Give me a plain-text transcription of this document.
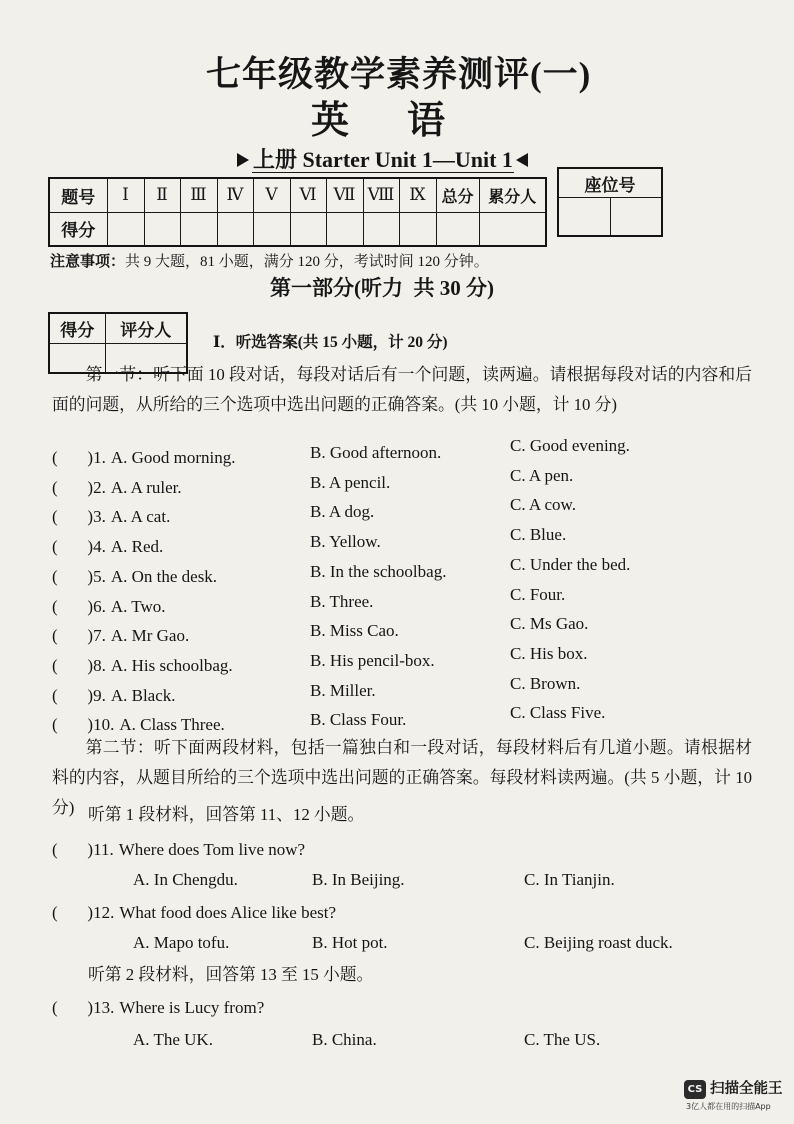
七年级教学素养测评(一)
英语
上册 Starter Unit 1—Unit 1
题号	Ⅰ	Ⅱ	Ⅲ	Ⅳ	Ⅴ	Ⅵ	Ⅶ	Ⅷ	Ⅸ	总分	累分人
得分											
座位号

注意事项：共 9 大题，81 小题，满分 120 分，考试时间 120 分钟。
第一部分(听力  共 30 分)
得分	评分人

Ⅰ．听选答案(共 15 小题，计 20 分)
第一节：听下面 10 段对话，每段对话后有一个问题，读两遍。请根据每段对话的内容和后面的问题，从所给的三个选项中选出问题的正确答案。(共 10 小题，计 10 分)
(       )1. A. Good morning.	B. Good afternoon.	C. Good evening.
(       )2. A. A ruler.	B. A pencil.	C. A pen.
(       )3. A. A cat.	B. A dog.	C. A cow.
(       )4. A. Red.	B. Yellow.	C. Blue.
(       )5. A. On the desk.	B. In the schoolbag.	C. Under the bed.
(       )6. A. Two.	B. Three.	C. Four.
(       )7. A. Mr Gao.	B. Miss Cao.	C. Ms Gao.
(       )8. A. His schoolbag.	B. His pencil-box.	C. His box.
(       )9. A. Black.	B. Miller.	C. Brown.
(       )10. A. Class Three.	B. Class Four.	C. Class Five.
第二节：听下面两段材料，包括一篇独白和一段对话，每段材料后有几道小题。请根据材料的内容，从题目所给的三个选项中选出问题的正确答案。每段材料读两遍。(共 5 小题，计 10 分) 听第 1 段材料，回答第 11、12 小题。
(       )11. Where does Tom live now?
A. In Chengdu.	B. In Beijing.	C. In Tianjin.
(       )12. What food does Alice like best?
A. Mapo tofu.	B. Hot pot.	C. Beijing roast duck.
听第 2 段材料，回答第 13 至 15 小题。
(       )13. Where is Lucy from?
A. The UK.	B. China.	C. The US.
CS 扫描全能王
3亿人都在用的扫描App
